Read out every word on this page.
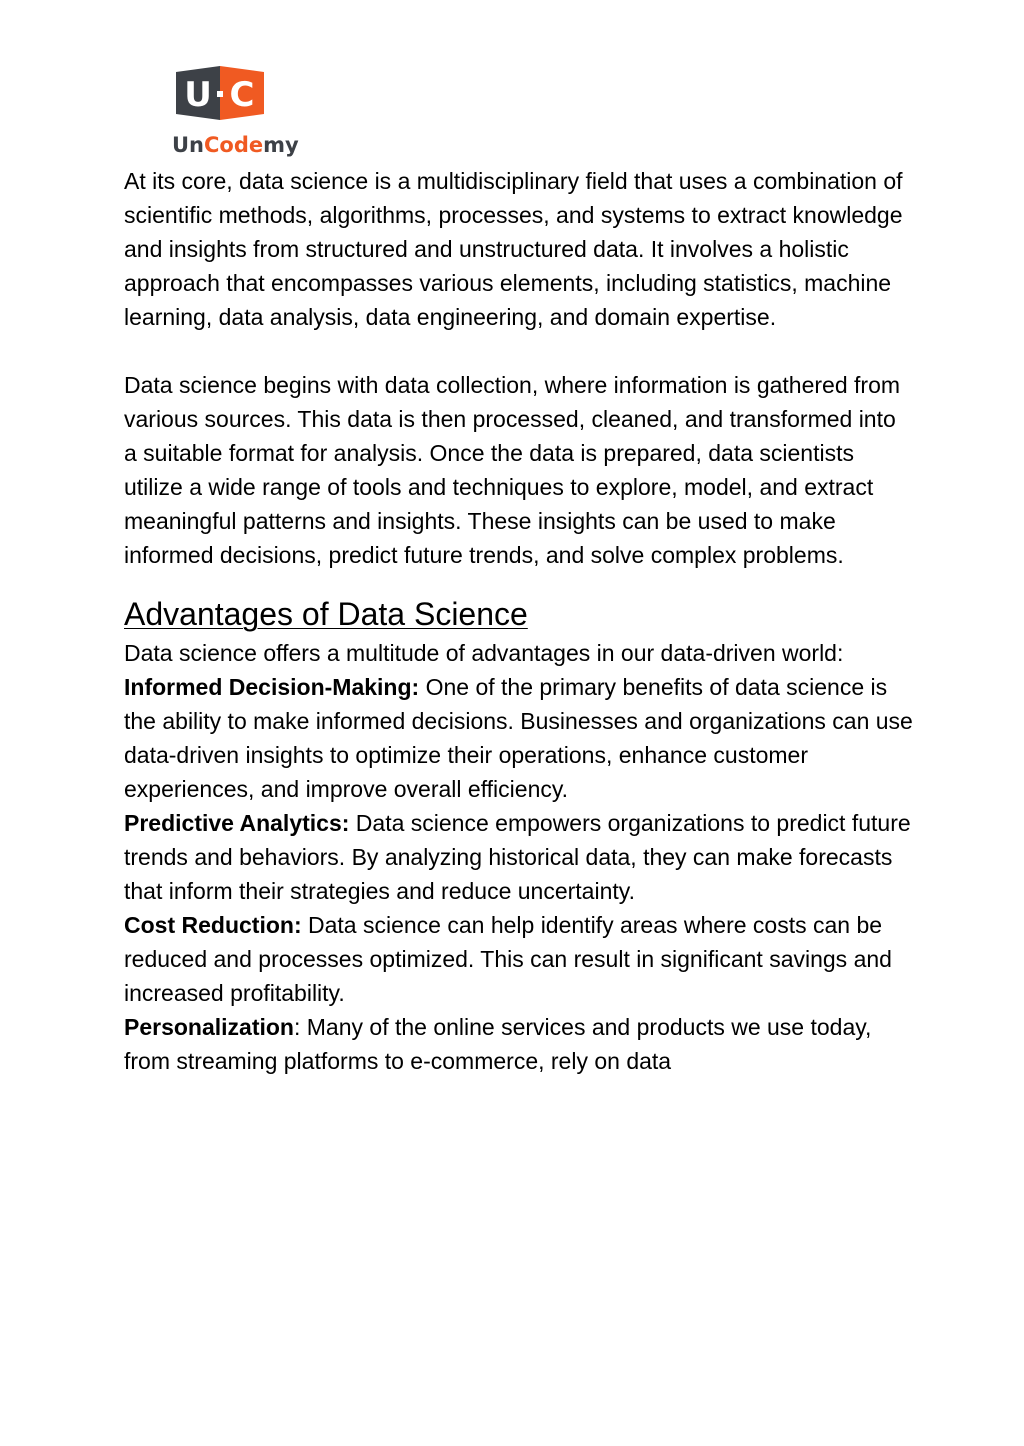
U C
UnCodemy

At its core, data science is a multidisciplinary field that uses a combination of scientific methods, algorithms, processes, and systems to extract knowledge and insights from structured and unstructured data. It involves a holistic approach that encompasses various elements, including statistics, machine learning, data analysis, data engineering, and domain expertise.

Data science begins with data collection, where information is gathered from various sources. This data is then processed, cleaned, and transformed into a suitable format for analysis. Once the data is prepared, data scientists utilize a wide range of tools and techniques to explore, model, and extract meaningful patterns and insights. These insights can be used to make informed decisions, predict future trends, and solve complex problems.

Advantages of Data Science

Data science offers a multitude of advantages in our data-driven world:

Informed Decision-Making: One of the primary benefits of data science is the ability to make informed decisions. Businesses and organizations can use data-driven insights to optimize their operations, enhance customer experiences, and improve overall efficiency.

Predictive Analytics: Data science empowers organizations to predict future trends and behaviors. By analyzing historical data, they can make forecasts that inform their strategies and reduce uncertainty.

Cost Reduction: Data science can help identify areas where costs can be reduced and processes optimized. This can result in significant savings and increased profitability.

Personalization: Many of the online services and products we use today, from streaming platforms to e-commerce, rely on data
